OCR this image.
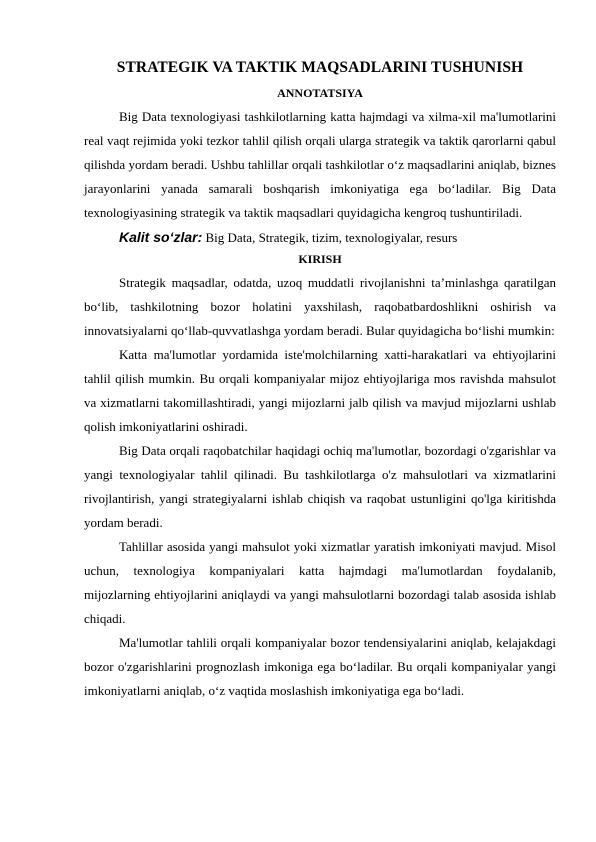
STRATEGIK VA TAKTIK MAQSADLARINI TUSHUNISH
ANNOTATSIYA

Big Data texnologiyasi tashkilotlarning katta hajmdagi va xilma-xil ma'lumotlarini real vaqt rejimida yoki tezkor tahlil qilish orqali ularga strategik va taktik qarorlarni qabul qilishda yordam beradi. Ushbu tahlillar orqali tashkilotlar o‘z maqsadlarini aniqlab, biznes jarayonlarini yanada samarali boshqarish imkoniyatiga ega bo‘ladilar. Big Data texnologiyasining strategik va taktik maqsadlari quyidagicha kengroq tushuntiriladi.

Kalit so‘zlar: Big Data, Strategik, tizim, texnologiyalar, resurs

KIRISH

Strategik maqsadlar, odatda, uzoq muddatli rivojlanishni ta’minlashga qaratilgan bo‘lib, tashkilotning bozor holatini yaxshilash, raqobatbardoshlikni oshirish va innovatsiyalarni qo‘llab-quvvatlashga yordam beradi. Bular quyidagicha bo‘lishi mumkin:

Katta ma'lumotlar yordamida iste'molchilarning xatti-harakatlari va ehtiyojlarini tahlil qilish mumkin. Bu orqali kompaniyalar mijoz ehtiyojlariga mos ravishda mahsulot va xizmatlarni takomillashtiradi, yangi mijozlarni jalb qilish va mavjud mijozlarni ushlab qolish imkoniyatlarini oshiradi.

Big Data orqali raqobatchilar haqidagi ochiq ma'lumotlar, bozordagi o'zgarishlar va yangi texnologiyalar tahlil qilinadi. Bu tashkilotlarga o'z mahsulotlari va xizmatlarini rivojlantirish, yangi strategiyalarni ishlab chiqish va raqobat ustunligini qo'lga kiritishda yordam beradi.

Tahlillar asosida yangi mahsulot yoki xizmatlar yaratish imkoniyati mavjud. Misol uchun, texnologiya kompaniyalari katta hajmdagi ma'lumotlardan foydalanib, mijozlarning ehtiyojlarini aniqlaydi va yangi mahsulotlarni bozordagi talab asosida ishlab chiqadi.

Ma'lumotlar tahlili orqali kompaniyalar bozor tendensiyalarini aniqlab, kelajakdagi bozor o'zgarishlarini prognozlash imkoniga ega bo‘ladilar. Bu orqali kompaniyalar yangi imkoniyatlarni aniqlab, o‘z vaqtida moslashish imkoniyatiga ega bo‘ladi.
